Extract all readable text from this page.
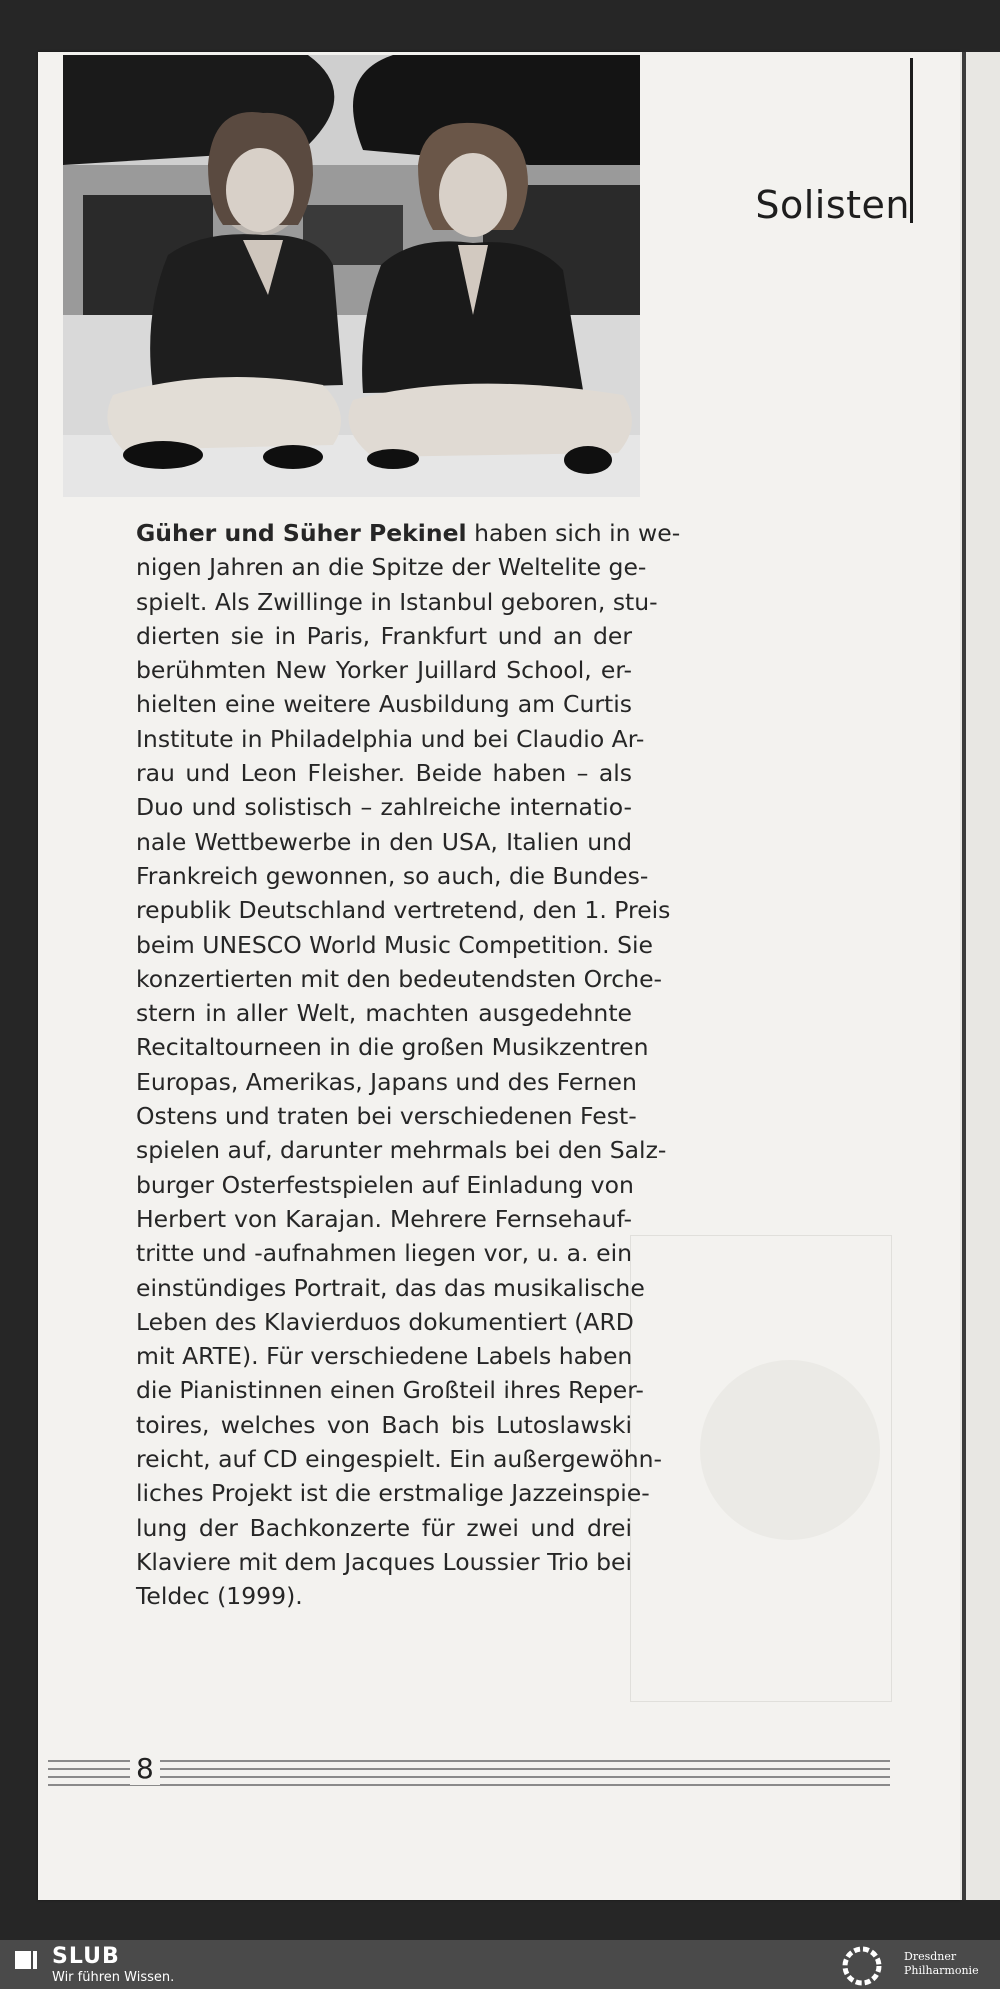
Solisten
Güher und Süher Pekinel haben sich in we-
nigen Jahren an die Spitze der Weltelite ge-
spielt. Als Zwillinge in Istanbul geboren, stu-
dierten sie in Paris, Frankfurt und an der
berühmten New Yorker Juillard School, er-
hielten eine weitere Ausbildung am Curtis
Institute in Philadelphia und bei Claudio Ar-
rau und Leon Fleisher. Beide haben – als
Duo und solistisch – zahlreiche internatio-
nale Wettbewerbe in den USA, Italien und
Frankreich gewonnen, so auch, die Bundes-
republik Deutschland vertretend, den 1. Preis
beim UNESCO World Music Competition. Sie
konzertierten mit den bedeutendsten Orche-
stern in aller Welt, machten ausgedehnte
Recitaltourneen in die großen Musikzentren
Europas, Amerikas, Japans und des Fernen
Ostens und traten bei verschiedenen Fest-
spielen auf, darunter mehrmals bei den Salz-
burger Osterfestspielen auf Einladung von
Herbert von Karajan. Mehrere Fernsehauf-
tritte und -aufnahmen liegen vor, u. a. ein
einstündiges Portrait, das das musikalische
Leben des Klavierduos dokumentiert (ARD
mit ARTE). Für verschiedene Labels haben
die Pianistinnen einen Großteil ihres Reper-
toires, welches von Bach bis Lutoslawski
reicht, auf CD eingespielt. Ein außergewöhn-
liches Projekt ist die erstmalige Jazzeinspie-
lung der Bachkonzerte für zwei und drei
Klaviere mit dem Jacques Loussier Trio bei
Teldec (1999).
8
SLUB
Wir führen Wissen.
Dresdner
Philharmonie
